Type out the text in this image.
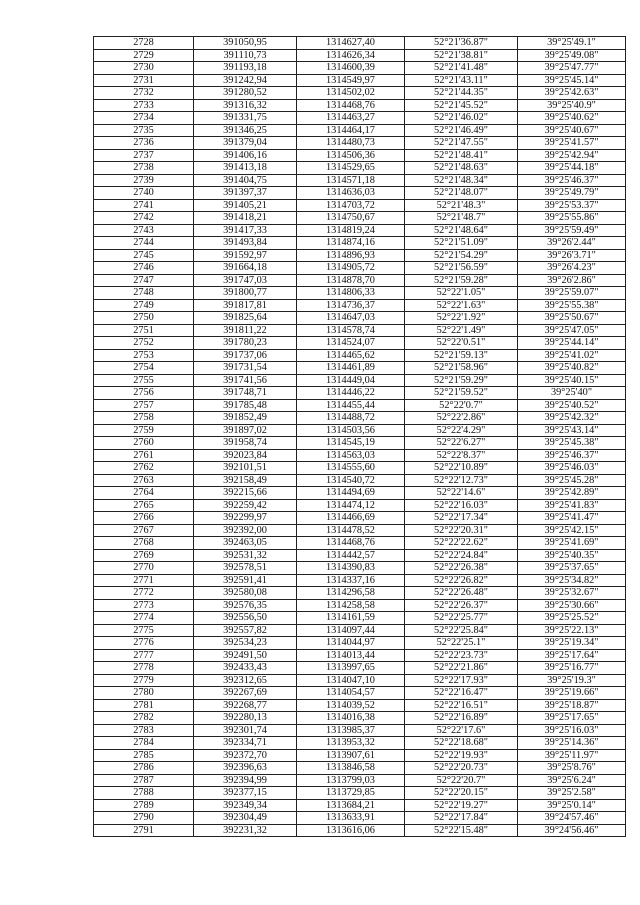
2728	391050,95	1314627,40	52°21'36.87"	39°25'49.1"
2729	391110,73	1314626,34	52°21'38.81"	39°25'49.08"
2730	391193,18	1314600,39	52°21'41.48"	39°25'47.77"
2731	391242,94	1314549,97	52°21'43.11"	39°25'45.14"
2732	391280,52	1314502,02	52°21'44.35"	39°25'42.63"
2733	391316,32	1314468,76	52°21'45.52"	39°25'40.9"
2734	391331,75	1314463,27	52°21'46.02"	39°25'40.62"
2735	391346,25	1314464,17	52°21'46.49"	39°25'40.67"
2736	391379,04	1314480,73	52°21'47.55"	39°25'41.57"
2737	391406,16	1314506,36	52°21'48.41"	39°25'42.94"
2738	391413,18	1314529,65	52°21'48.63"	39°25'44.18"
2739	391404,75	1314571,18	52°21'48.34"	39°25'46.37"
2740	391397,37	1314636,03	52°21'48.07"	39°25'49.79"
2741	391405,21	1314703,72	52°21'48.3"	39°25'53.37"
2742	391418,21	1314750,67	52°21'48.7"	39°25'55.86"
2743	391417,33	1314819,24	52°21'48.64"	39°25'59.49"
2744	391493,84	1314874,16	52°21'51.09"	39°26'2.44"
2745	391592,97	1314896,93	52°21'54.29"	39°26'3.71"
2746	391664,18	1314905,72	52°21'56.59"	39°26'4.23"
2747	391747,03	1314878,70	52°21'59.28"	39°26'2.86"
2748	391800,77	1314806,33	52°22'1.05"	39°25'59.07"
2749	391817,81	1314736,37	52°22'1.63"	39°25'55.38"
2750	391825,64	1314647,03	52°22'1.92"	39°25'50.67"
2751	391811,22	1314578,74	52°22'1.49"	39°25'47.05"
2752	391780,23	1314524,07	52°22'0.51"	39°25'44.14"
2753	391737,06	1314465,62	52°21'59.13"	39°25'41.02"
2754	391731,54	1314461,89	52°21'58.96"	39°25'40.82"
2755	391741,56	1314449,04	52°21'59.29"	39°25'40.15"
2756	391748,71	1314446,22	52°21'59.52"	39°25'40"
2757	391785,48	1314455,44	52°22'0.7"	39°25'40.52"
2758	391852,49	1314488,72	52°22'2.86"	39°25'42.32"
2759	391897,02	1314503,56	52°22'4.29"	39°25'43.14"
2760	391958,74	1314545,19	52°22'6.27"	39°25'45.38"
2761	392023,84	1314563,03	52°22'8.37"	39°25'46.37"
2762	392101,51	1314555,60	52°22'10.89"	39°25'46.03"
2763	392158,49	1314540,72	52°22'12.73"	39°25'45.28"
2764	392215,66	1314494,69	52°22'14.6"	39°25'42.89"
2765	392259,42	1314474,12	52°22'16.03"	39°25'41.83"
2766	392299,97	1314466,69	52°22'17.34"	39°25'41.47"
2767	392392,00	1314478,52	52°22'20.31"	39°25'42.15"
2768	392463,05	1314468,76	52°22'22.62"	39°25'41.69"
2769	392531,32	1314442,57	52°22'24.84"	39°25'40.35"
2770	392578,51	1314390,83	52°22'26.38"	39°25'37.65"
2771	392591,41	1314337,16	52°22'26.82"	39°25'34.82"
2772	392580,08	1314296,58	52°22'26.48"	39°25'32.67"
2773	392576,35	1314258,58	52°22'26.37"	39°25'30.66"
2774	392556,50	1314161,59	52°22'25.77"	39°25'25.52"
2775	392557,82	1314097,44	52°22'25.84"	39°25'22.13"
2776	392534,23	1314044,97	52°22'25.1"	39°25'19.34"
2777	392491,50	1314013,44	52°22'23.73"	39°25'17.64"
2778	392433,43	1313997,65	52°22'21.86"	39°25'16.77"
2779	392312,65	1314047,10	52°22'17.93"	39°25'19.3"
2780	392267,69	1314054,57	52°22'16.47"	39°25'19.66"
2781	392268,77	1314039,52	52°22'16.51"	39°25'18.87"
2782	392280,13	1314016,38	52°22'16.89"	39°25'17.65"
2783	392301,74	1313985,37	52°22'17.6"	39°25'16.03"
2784	392334,71	1313953,32	52°22'18.68"	39°25'14.36"
2785	392372,70	1313907,61	52°22'19.93"	39°25'11.97"
2786	392396,63	1313846,58	52°22'20.73"	39°25'8.76"
2787	392394,99	1313799,03	52°22'20.7"	39°25'6.24"
2788	392377,15	1313729,85	52°22'20.15"	39°25'2.58"
2789	392349,34	1313684,21	52°22'19.27"	39°25'0.14"
2790	392304,49	1313633,91	52°22'17.84"	39°24'57.46"
2791	392231,32	1313616,06	52°22'15.48"	39°24'56.46"
